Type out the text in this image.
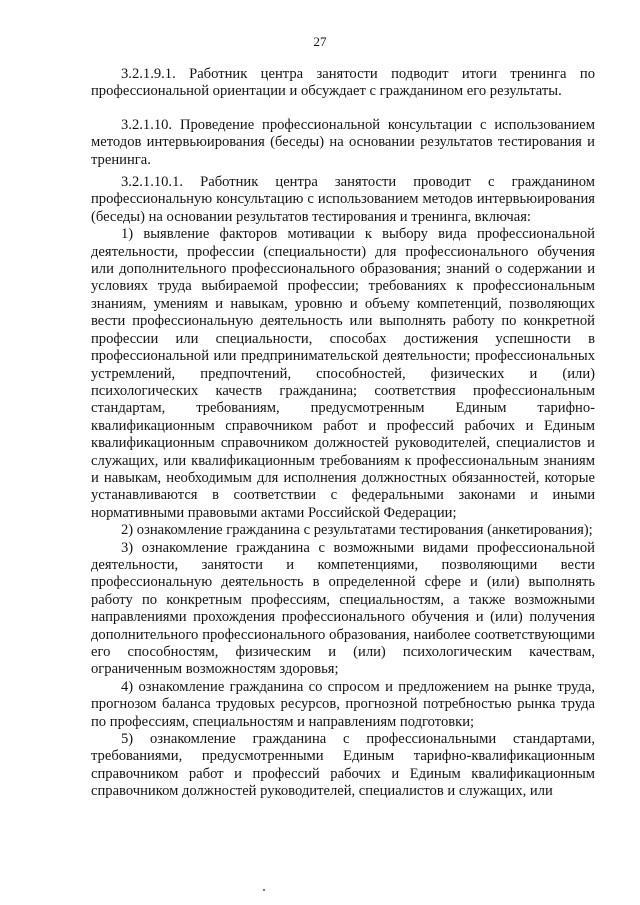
27

3.2.1.9.1. Работник центра занятости подводит итоги тренинга по профессиональной ориентации и обсуждает с гражданином его результаты.

3.2.1.10. Проведение профессиональной консультации с использованием методов интервьюирования (беседы) на основании результатов тестирования и тренинга.

3.2.1.10.1. Работник центра занятости проводит с гражданином профессиональную консультацию с использованием методов интервьюирования (беседы) на основании результатов тестирования и тренинга, включая:

1) выявление факторов мотивации к выбору вида профессиональной деятельности, профессии (специальности) для профессионального обучения или дополнительного профессионального образования; знаний о содержании и условиях труда выбираемой профессии; требованиях к профессиональным знаниям, умениям и навыкам, уровню и объему компетенций, позволяющих вести профессиональную деятельность или выполнять работу по конкретной профессии или специальности, способах достижения успешности в профессиональной или предпринимательской деятельности; профессиональных устремлений, предпочтений, способностей, физических и (или) психологических качеств гражданина; соответствия профессиональным стандартам, требованиям, предусмотренным Единым тарифно-квалификационным справочником работ и профессий рабочих и Единым квалификационным справочником должностей руководителей, специалистов и служащих, или квалификационным требованиям к профессиональным знаниям и навыкам, необходимым для исполнения должностных обязанностей, которые устанавливаются в соответствии с федеральными законами и иными нормативными правовыми актами Российской Федерации;

2) ознакомление гражданина с результатами тестирования (анкетирования);

3) ознакомление гражданина с возможными видами профессиональной деятельности, занятости и компетенциями, позволяющими вести профессиональную деятельность в определенной сфере и (или) выполнять работу по конкретным профессиям, специальностям, а также возможными направлениями прохождения профессионального обучения и (или) получения дополнительного профессионального образования, наиболее соответствующими его способностям, физическим и (или) психологическим качествам, ограниченным возможностям здоровья;

4) ознакомление гражданина со спросом и предложением на рынке труда, прогнозом баланса трудовых ресурсов, прогнозной потребностью рынка труда по профессиям, специальностям и направлениям подготовки;

5) ознакомление гражданина с профессиональными стандартами, требованиями, предусмотренными Единым тарифно-квалификационным справочником работ и профессий рабочих и Единым квалификационным справочником должностей руководителей, специалистов и служащих, или
